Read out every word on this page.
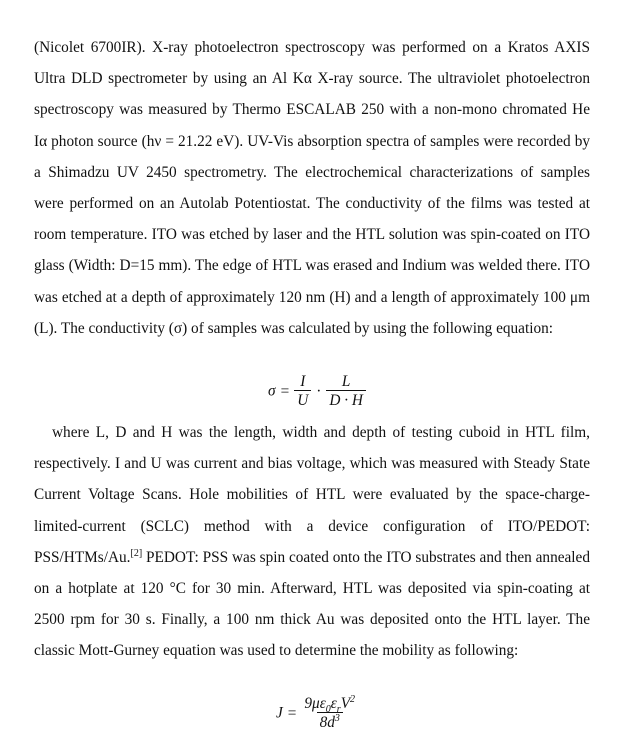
(Nicolet 6700IR). X-ray photoelectron spectroscopy was performed on a Kratos AXIS Ultra DLD spectrometer by using an Al Kα X-ray source. The ultraviolet photoelectron spectroscopy was measured by Thermo ESCALAB 250 with a non-mono chromated He Iα photon source (hν = 21.22 eV). UV-Vis absorption spectra of samples were recorded by a Shimadzu UV 2450 spectrometry. The electrochemical characterizations of samples were performed on an Autolab Potentiostat. The conductivity of the films was tested at room temperature. ITO was etched by laser and the HTL solution was spin-coated on ITO glass (Width: D=15 mm). The edge of HTL was erased and Indium was welded there. ITO was etched at a depth of approximately 120 nm (H) and a length of approximately 100 μm (L). The conductivity (σ) of samples was calculated by using the following equation:

$\sigma = \frac{I}{U} \cdot \frac{L}{D \cdot H}$

where L, D and H was the length, width and depth of testing cuboid in HTL film, respectively. I and U was current and bias voltage, which was measured with Steady State Current Voltage Scans. Hole mobilities of HTL were evaluated by the space-charge-limited-current (SCLC) method with a device configuration of ITO/PEDOT: PSS/HTMs/Au.[2] PEDOT: PSS was spin coated onto the ITO substrates and then annealed on a hotplate at 120 °C for 30 min. Afterward, HTL was deposited via spin-coating at 2500 rpm for 30 s. Finally, a 100 nm thick Au was deposited onto the HTL layer. The classic Mott-Gurney equation was used to determine the mobility as following:

$J = \frac{9\mu\varepsilon_0\varepsilon_rV^2}{8d^3}$
